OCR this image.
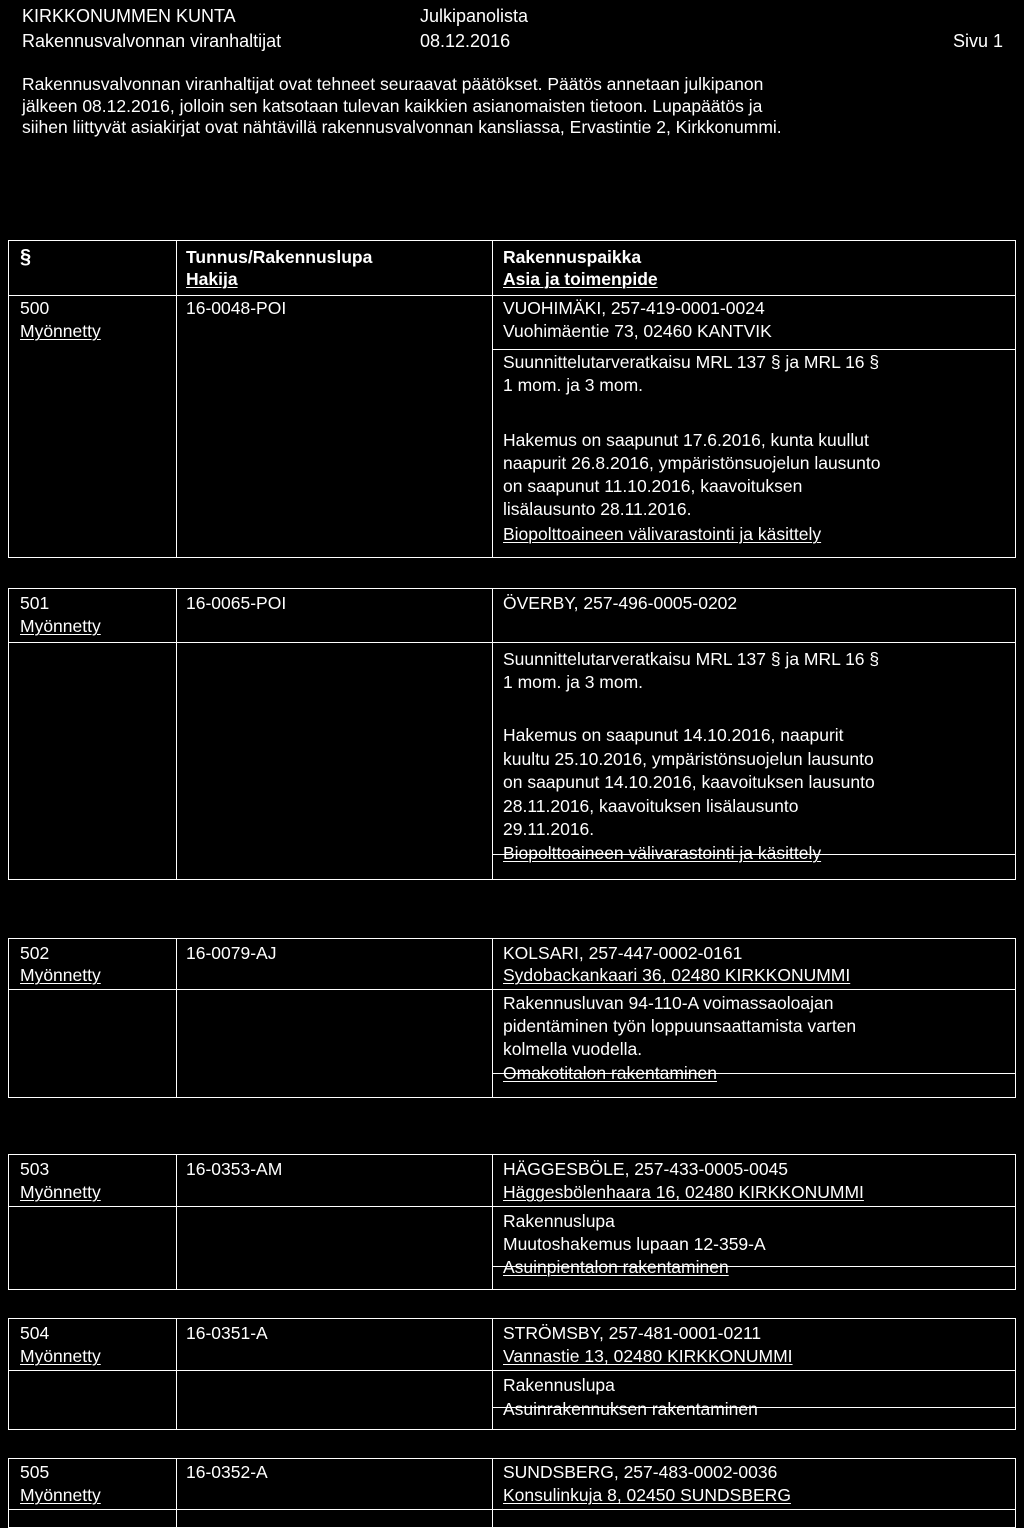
KIRKKONUMMEN KUNTA
Rakennusvalvonnan viranhaltijat
Julkipanolista
08.12.2016	Sivu 1
Rakennusvalvonnan viranhaltijat ovat tehneet seuraavat päätökset. Päätös annetaan julkipanon
jälkeen 08.12.2016, jolloin sen katsotaan tulevan kaikkien asianomaisten tietoon. Lupapäätös ja
siihen liittyvät asiakirjat ovat nähtävillä rakennusvalvonnan kansliassa, Ervastintie 2, Kirkkonummi.
§	Tunnus/Rakennuslupa
Hakija
Rakennuspaikka
Asia ja toimenpide
500
Myönnetty
16-0048-POI	VUOHIMÄKI, 257-419-0001-0024
Vuohimäentie 73, 02460 KANTVIK
Suunnittelutarveratkaisu MRL 137 § ja MRL 16 §
1 mom. ja 3 mom.
Hakemus on saapunut 17.6.2016, kunta kuullut
naapurit 26.8.2016, ympäristönsuojelun lausunto
on saapunut 11.10.2016, kaavoituksen
lisälausunto 28.11.2016.
Biopolttoaineen välivarastointi ja käsittely
501
Myönnetty
16-0065-POI	ÖVERBY, 257-496-0005-0202
Suunnittelutarveratkaisu MRL 137 § ja MRL 16 §
1 mom. ja 3 mom.
Hakemus on saapunut 14.10.2016, naapurit
kuultu 25.10.2016, ympäristönsuojelun lausunto
on saapunut 14.10.2016, kaavoituksen lausunto
28.11.2016, kaavoituksen lisälausunto
29.11.2016.
Biopolttoaineen välivarastointi ja käsittely
502
Myönnetty
16-0079-AJ	KOLSARI, 257-447-0002-0161
Sydobackankaari 36, 02480 KIRKKONUMMI
Rakennusluvan 94-110-A voimassaoloajan
pidentäminen työn loppuunsaattamista varten
kolmella vuodella.
Omakotitalon rakentaminen
503
Myönnetty
16-0353-AM	HÄGGESBÖLE, 257-433-0005-0045
Häggesbölenhaara 16, 02480 KIRKKONUMMI
Rakennuslupa
Muutoshakemus lupaan 12-359-A
Asuinpientalon rakentaminen
504
Myönnetty
16-0351-A	STRÖMSBY, 257-481-0001-0211
Vannastie 13, 02480 KIRKKONUMMI
Rakennuslupa
Asuinrakennuksen rakentaminen
505
Myönnetty
16-0352-A	SUNDSBERG, 257-483-0002-0036
Konsulinkuja 8, 02450 SUNDSBERG
